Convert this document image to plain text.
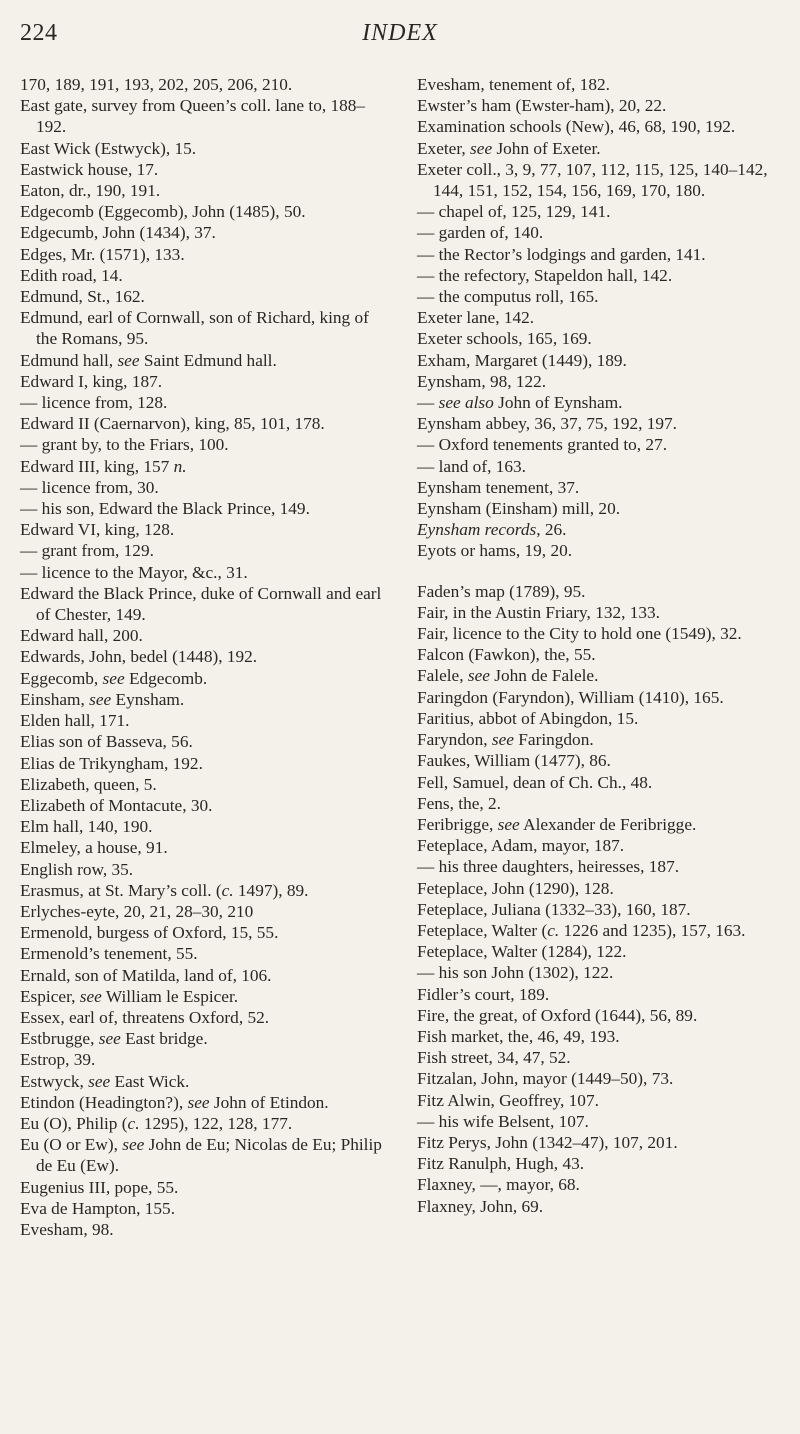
224	INDEX

170, 189, 191, 193, 202, 205, 206, 210.

East gate, survey from Queen’s coll. lane to, 188–192.

East Wick (Estwyck), 15.

Eastwick house, 17.

Eaton, dr., 190, 191.

Edgecomb (Eggecomb), John (1485), 50.

Edgecumb, John (1434), 37.

Edges, Mr. (1571), 133.

Edith road, 14.

Edmund, St., 162.

Edmund, earl of Cornwall, son of Richard, king of the Romans, 95.

Edmund hall, see Saint Edmund hall.

Edward I, king, 187.

— licence from, 128.

Edward II (Caernarvon), king, 85, 101, 178.

— grant by, to the Friars, 100.

Edward III, king, 157 n.

— licence from, 30.

— his son, Edward the Black Prince, 149.

Edward VI, king, 128.

— grant from, 129.

— licence to the Mayor, &c., 31.

Edward the Black Prince, duke of Cornwall and earl of Chester, 149.

Edward hall, 200.

Edwards, John, bedel (1448), 192.

Eggecomb, see Edgecomb.

Einsham, see Eynsham.

Elden hall, 171.

Elias son of Basseva, 56.

Elias de Trikyngham, 192.

Elizabeth, queen, 5.

Elizabeth of Montacute, 30.

Elm hall, 140, 190.

Elmeley, a house, 91.

English row, 35.

Erasmus, at St. Mary’s coll. (c. 1497), 89.

Erlyches-eyte, 20, 21, 28–30, 210

Ermenold, burgess of Oxford, 15, 55.

Ermenold’s tenement, 55.

Ernald, son of Matilda, land of, 106.

Espicer, see William le Espicer.

Essex, earl of, threatens Oxford, 52.

Estbrugge, see East bridge.

Estrop, 39.

Estwyck, see East Wick.

Etindon (Headington?), see John of Etindon.

Eu (O), Philip (c. 1295), 122, 128, 177.

Eu (O or Ew), see John de Eu; Nicolas de Eu; Philip de Eu (Ew).

Eugenius III, pope, 55.

Eva de Hampton, 155.

Evesham, 98.

Evesham, tenement of, 182.

Ewster’s ham (Ewster-ham), 20, 22.

Examination schools (New), 46, 68, 190, 192.

Exeter, see John of Exeter.

Exeter coll., 3, 9, 77, 107, 112, 115, 125, 140–142, 144, 151, 152, 154, 156, 169, 170, 180.

— chapel of, 125, 129, 141.

— garden of, 140.

— the Rector’s lodgings and garden, 141.

— the refectory, Stapeldon hall, 142.

— the computus roll, 165.

Exeter lane, 142.

Exeter schools, 165, 169.

Exham, Margaret (1449), 189.

Eynsham, 98, 122.

— see also John of Eynsham.

Eynsham abbey, 36, 37, 75, 192, 197.

— Oxford tenements granted to, 27.

— land of, 163.

Eynsham tenement, 37.

Eynsham (Einsham) mill, 20.

Eynsham records, 26.

Eyots or hams, 19, 20.

Faden’s map (1789), 95.

Fair, in the Austin Friary, 132, 133.

Fair, licence to the City to hold one (1549), 32.

Falcon (Fawkon), the, 55.

Falele, see John de Falele.

Faringdon (Faryndon), William (1410), 165.

Faritius, abbot of Abingdon, 15.

Faryndon, see Faringdon.

Faukes, William (1477), 86.

Fell, Samuel, dean of Ch. Ch., 48.

Fens, the, 2.

Feribrigge, see Alexander de Feribrigge.

Feteplace, Adam, mayor, 187.

— his three daughters, heiresses, 187.

Feteplace, John (1290), 128.

Feteplace, Juliana (1332–33), 160, 187.

Feteplace, Walter (c. 1226 and 1235), 157, 163.

Feteplace, Walter (1284), 122.

— his son John (1302), 122.

Fidler’s court, 189.

Fire, the great, of Oxford (1644), 56, 89.

Fish market, the, 46, 49, 193.

Fish street, 34, 47, 52.

Fitzalan, John, mayor (1449–50), 73.

Fitz Alwin, Geoffrey, 107.

— his wife Belsent, 107.

Fitz Perys, John (1342–47), 107, 201.

Fitz Ranulph, Hugh, 43.

Flaxney, —, mayor, 68.

Flaxney, John, 69.
